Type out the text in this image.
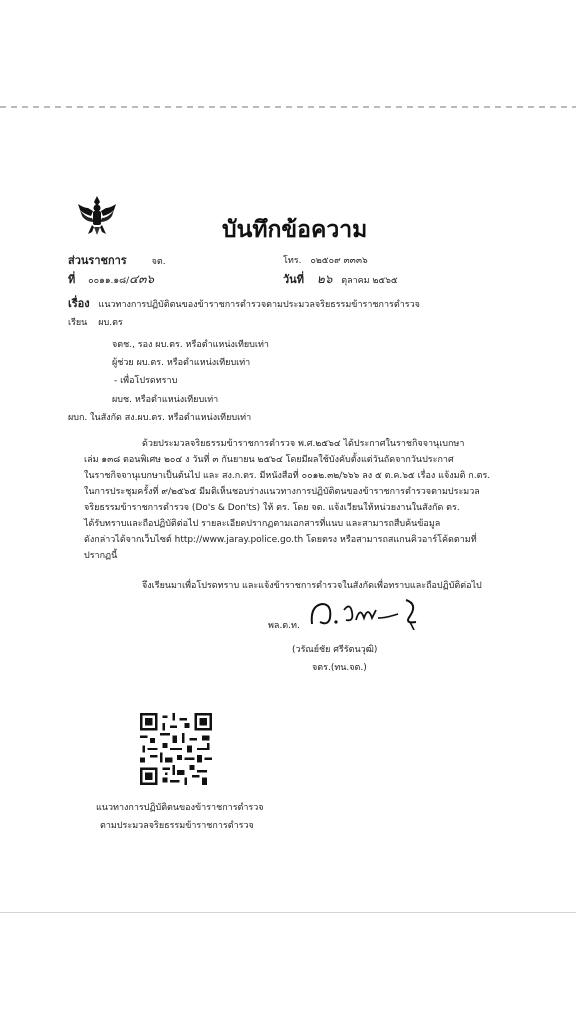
บันทึกข้อความ
ส่วนราชการ	จต.	โทร. ๐๒๕๐๙ ๓๓๓๖
ที่ ๐๐๑๑.๑๘/๔๓๖	วันที่ ๒๖ ตุลาคม ๒๕๖๕
เรื่อง แนวทางการปฏิบัติตนของข้าราชการตำรวจตามประมวลจริยธรรมข้าราชการตำรวจ
เรียน ผบ.ตร
จตช., รอง ผบ.ตร. หรือตำแหน่งเทียบเท่า
ผู้ช่วย ผบ.ตร. หรือตำแหน่งเทียบเท่า
- เพื่อโปรดทราบ
ผบช. หรือตำแหน่งเทียบเท่า
ผบก. ในสังกัด สง.ผบ.ตร. หรือตำแหน่งเทียบเท่า
ด้วยประมวลจริยธรรมข้าราชการตำรวจ พ.ศ.๒๕๖๔ ได้ประกาศในราชกิจจานุเบกษา
เล่ม ๑๓๘ ตอนพิเศษ ๒๐๔ ง วันที่ ๓ กันยายน ๒๕๖๔ โดยมีผลใช้บังคับตั้งแต่วันถัดจากวันประกาศ
ในราชกิจจานุเบกษาเป็นต้นไป และ สง.ก.ตร. มีหนังสือที่ ๐๐๑๒.๓๒/๖๖๖ ลง ๕ ต.ค.๖๕ เรื่อง แจ้งมติ ก.ตร.
ในการประชุมครั้งที่ ๙/๒๕๖๕ มีมติเห็นชอบร่างแนวทางการปฏิบัติตนของข้าราชการตำรวจตามประมวล
จริยธรรมข้าราชการตำรวจ (Do's & Don'ts) ให้ ตร. โดย จต. แจ้งเวียนให้หน่วยงานในสังกัด ตร.
ได้รับทราบและถือปฏิบัติต่อไป รายละเอียดปรากฏตามเอกสารที่แนบ และสามารถสืบค้นข้อมูล
ดังกล่าวได้จากเว็บไซต์ http://www.jaray.police.go.th โดยตรง หรือสามารถสแกนคิวอาร์โค้ดตามที่
ปรากฏนี้
จึงเรียนมาเพื่อโปรดทราบ และแจ้งข้าราชการตำรวจในสังกัดเพื่อทราบและถือปฏิบัติต่อไป
พล.ต.ท.
(วรัณย์ชัย ศรีรัตนวุฒิ)
จตร.(ทน.จต.)
แนวทางการปฏิบัติตนของข้าราชการตำรวจ
ตามประมวลจริยธรรมข้าราชการตำรวจ
